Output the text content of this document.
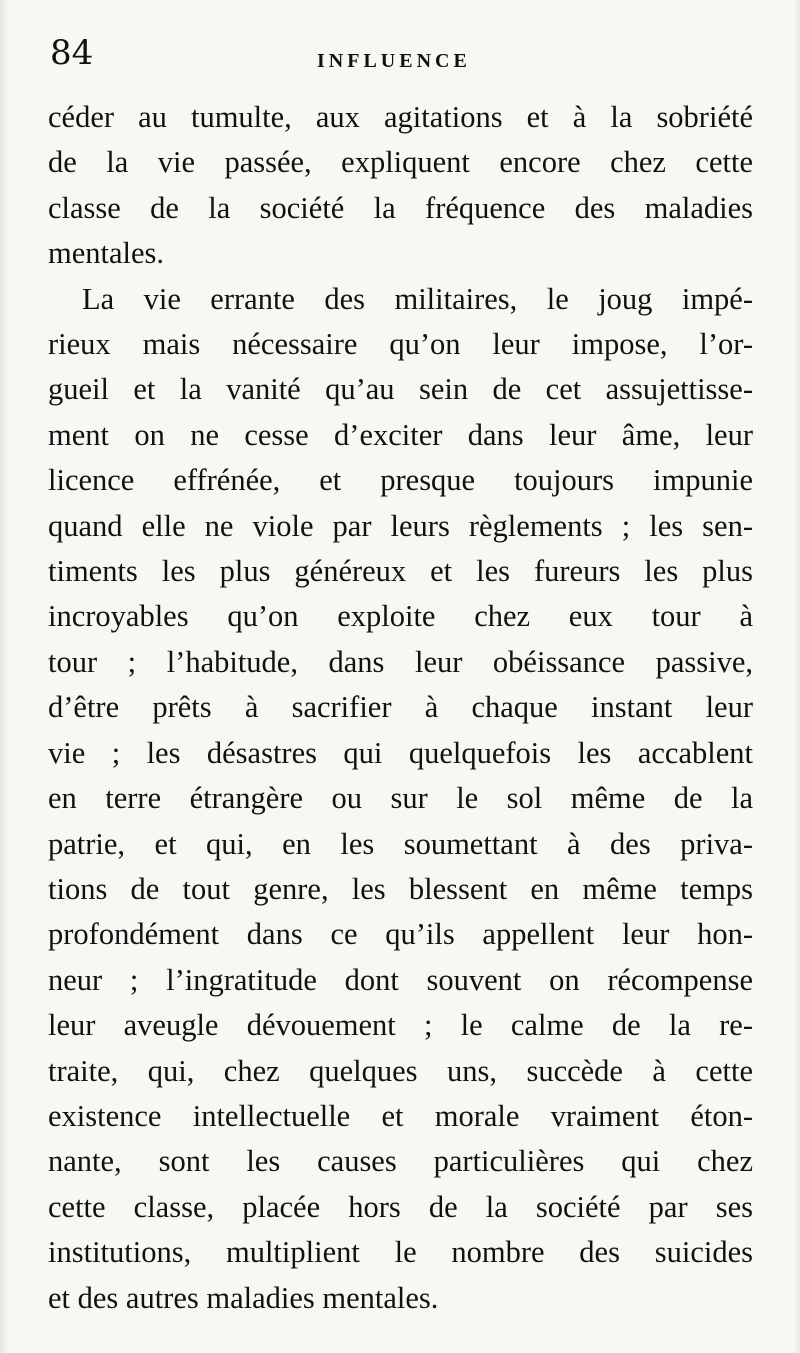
84	INFLUENCE
céder au tumulte, aux agitations et à la sobriété
de la vie passée, expliquent encore chez cette
classe de la société la fréquence des maladies
mentales.
La vie errante des militaires, le joug impé-
rieux mais nécessaire qu’on leur impose, l’or-
gueil et la vanité qu’au sein de cet assujettisse-
ment on ne cesse d’exciter dans leur âme, leur
licence effrénée, et presque toujours impunie
quand elle ne viole par leurs règlements ; les sen-
timents les plus généreux et les fureurs les plus
incroyables qu’on exploite chez eux tour à
tour ; l’habitude, dans leur obéissance passive,
d’être prêts à sacrifier à chaque instant leur
vie ; les désastres qui quelquefois les accablent
en terre étrangère ou sur le sol même de la
patrie, et qui, en les soumettant à des priva-
tions de tout genre, les blessent en même temps
profondément dans ce qu’ils appellent leur hon-
neur ; l’ingratitude dont souvent on récompense
leur aveugle dévouement ; le calme de la re-
traite, qui, chez quelques uns, succède à cette
existence intellectuelle et morale vraiment éton-
nante, sont les causes particulières qui chez
cette classe, placée hors de la société par ses
institutions, multiplient le nombre des suicides
et des autres maladies mentales.
